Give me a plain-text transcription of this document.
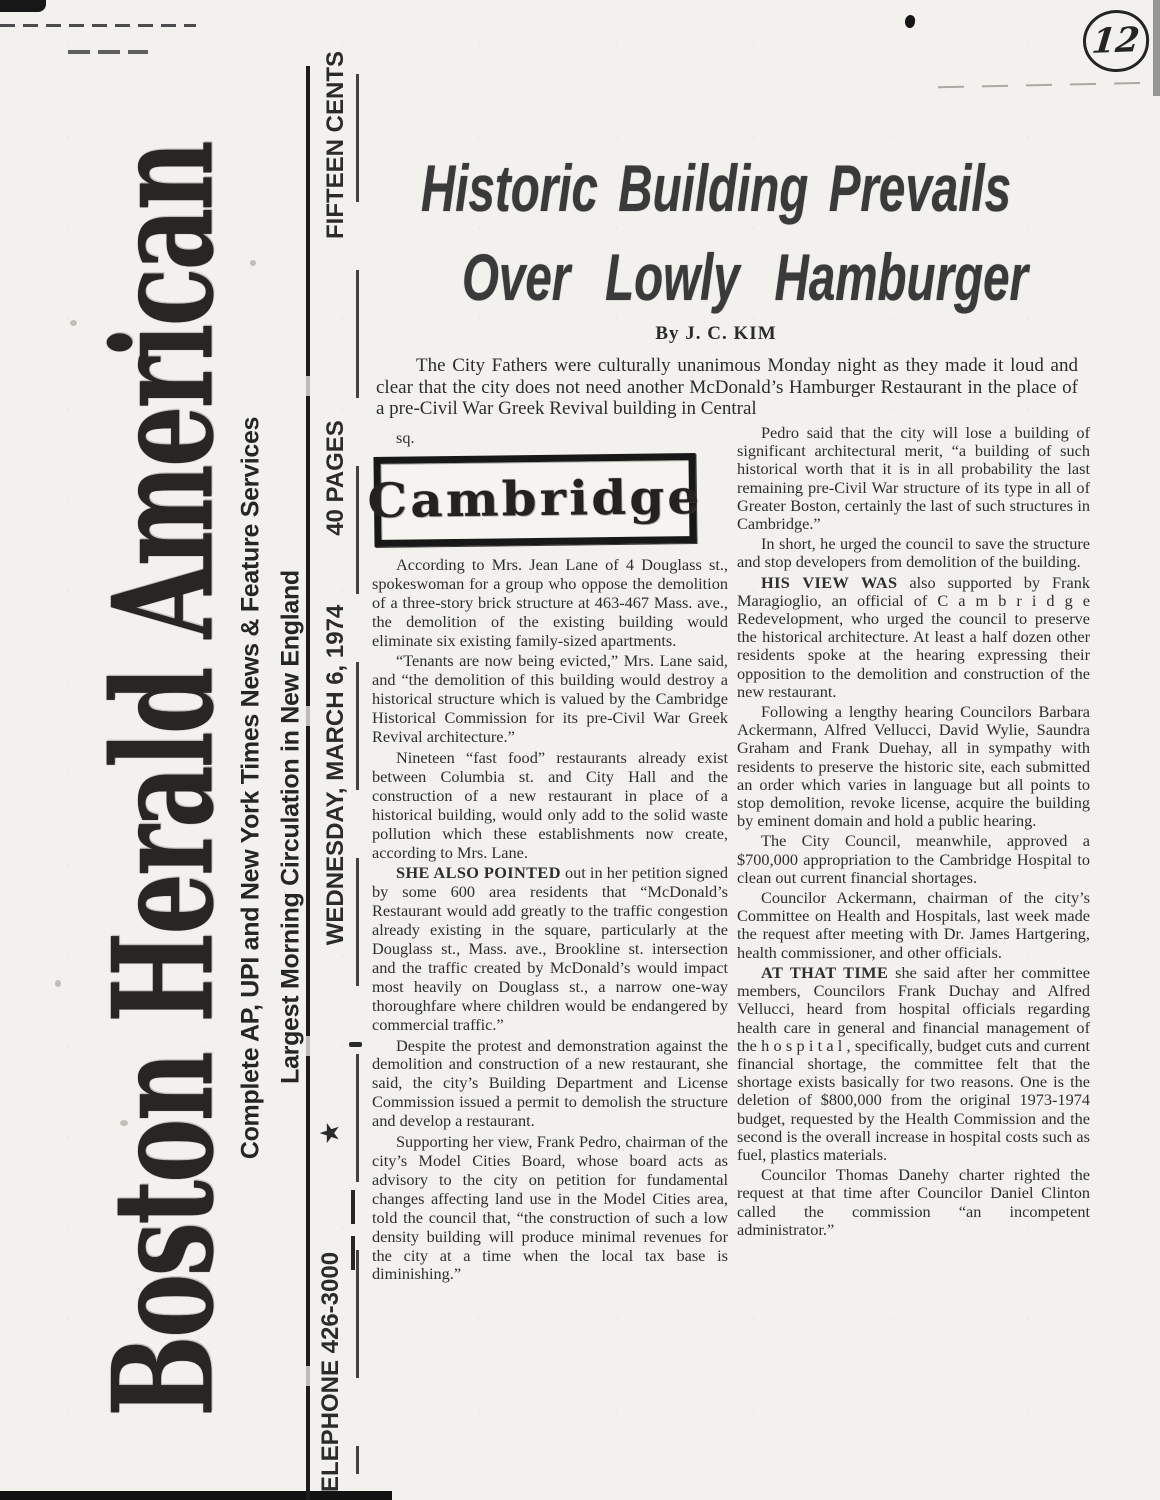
12
Boston Herald American
Complete AP, UPI and New York Times News & Feature Services Largest Morning Circulation in New England
FIFTEEN CENTS
40 PAGES
WEDNESDAY, MARCH 6, 1974
★
ELEPHONE 426-3000
Historic Building Prevails
Over Lowly Hamburger
By J. C. KIM
The City Fathers were culturally unanimous Monday night as they made it loud and clear that the city does not need another McDonald’s Hamburger Restaurant in the place of a pre-Civil War Greek Revival building in Central

sq.

Cambridge

According to Mrs. Jean Lane of 4 Douglass st., spokeswoman for a group who oppose the demolition of a three-story brick structure at 463-467 Mass. ave., the demolition of the existing building would eliminate six existing family-sized apartments.

“Tenants are now being evicted,” Mrs. Lane said, and “the demolition of this building would destroy a historical structure which is valued by the Cambridge Historical Commission for its pre-Civil War Greek Revival architecture.”

Nineteen “fast food” restaurants already exist between Columbia st. and City Hall and the construction of a new restaurant in place of a historical building, would only add to the solid waste pollution which these establishments now create, according to Mrs. Lane.

SHE ALSO POINTED out in her petition signed by some 600 area residents that “McDonald’s Restaurant would add greatly to the traffic congestion already existing in the square, particularly at the Douglass st., Mass. ave., Brookline st. intersection and the traffic created by McDonald’s would impact most heavily on Douglass st., a narrow one-way thoroughfare where children would be endangered by commercial traffic.”

Despite the protest and demonstration against the demolition and construction of a new restaurant, she said, the city’s Building Department and License Commission issued a permit to demolish the structure and develop a restaurant.

Supporting her view, Frank Pedro, chairman of the city’s Model Cities Board, whose board acts as advisory to the city on petition for fundamental changes affecting land use in the Model Cities area, told the council that, “the construction of such a low density building will produce minimal revenues for the city at a time when the local tax base is diminishing.”

Pedro said that the city will lose a building of significant architectural merit, “a building of such historical worth that it is in all probability the last remaining pre-Civil War structure of its type in all of Greater Boston, certainly the last of such structures in Cambridge.”

In short, he urged the council to save the structure and stop developers from demolition of the building.

HIS VIEW WAS also supported by Frank Maragioglio, an official of C a m b r i d g e Redevelopment, who urged the council to preserve the historical architecture. At least a half dozen other residents spoke at the hearing expressing their opposition to the demolition and construction of the new restaurant.

Following a lengthy hearing Councilors Barbara Ackermann, Alfred Vellucci, David Wylie, Saundra Graham and Frank Duehay, all in sympathy with residents to preserve the historic site, each submitted an order which varies in language but all points to stop demolition, revoke license, acquire the building by eminent domain and hold a public hearing.

The City Council, meanwhile, approved a $700,000 appropriation to the Cambridge Hospital to clean out current financial shortages.

Councilor Ackermann, chairman of the city’s Committee on Health and Hospitals, last week made the request after meeting with Dr. James Hartgering, health commissioner, and other officials.

AT THAT TIME she said after her committee members, Councilors Frank Duchay and Alfred Vellucci, heard from hospital officials regarding health care in general and financial management of the h o s p i t a l , specifically, budget cuts and current financial shortage, the committee felt that the shortage exists basically for two reasons. One is the deletion of $800,000 from the original 1973-1974 budget, requested by the Health Commission and the second is the overall increase in hospital costs such as fuel, plastics materials.

Councilor Thomas Danehy charter righted the request at that time after Councilor Daniel Clinton called the commission “an incompetent administrator.”
